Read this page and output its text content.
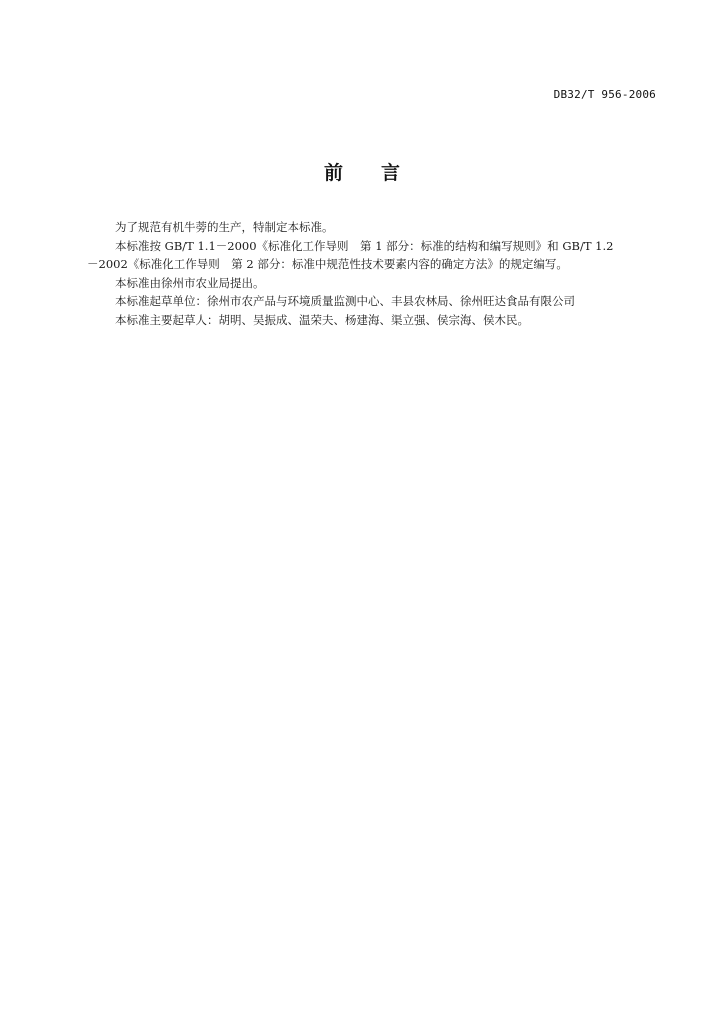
DB32/T 956-2006
前言

为了规范有机牛蒡的生产，特制定本标准。

本标准按 GB/T 1.1－2000《标准化工作导则　第 1 部分：标准的结构和编写规则》和 GB/T 1.2

－2002《标准化工作导则　第 2 部分：标准中规范性技术要素内容的确定方法》的规定编写。

本标准由徐州市农业局提出。

本标准起草单位：徐州市农产品与环境质量监测中心、丰县农林局、徐州旺达食品有限公司

本标准主要起草人：胡明、吴振成、温荣夫、杨建海、渠立强、侯宗海、侯木民。
